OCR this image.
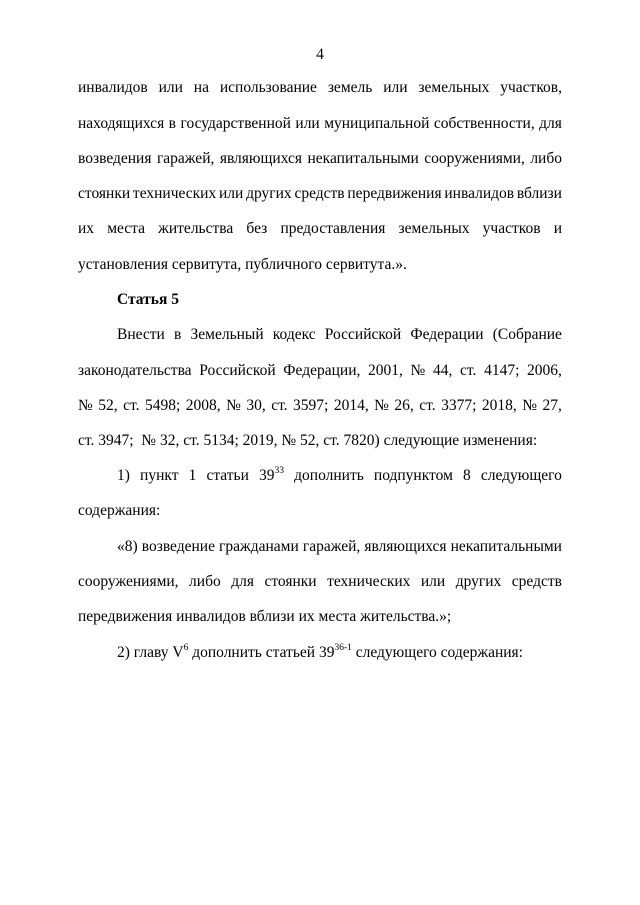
4
инвалидов или на использование земель или земельных участков,
находящихся в государственной или муниципальной собственности, для
возведения гаражей, являющихся некапитальными сооружениями, либо
стоянки технических или других средств передвижения инвалидов вблизи
их места жительства без предоставления земельных участков и
установления сервитута, публичного сервитута.».
Статья 5
Внести в Земельный кодекс Российской Федерации (Собрание
законодательства Российской Федерации, 2001, № 44, ст. 4147; 2006,
№ 52, ст. 5498; 2008, № 30, ст. 3597; 2014, № 26, ст. 3377; 2018, № 27,
ст. 3947;  № 32, ст. 5134; 2019, № 52, ст. 7820) следующие изменения:
1) пункт 1 статьи $39^{33}$ дополнить подпунктом 8 следующего
содержания:
«8) возведение гражданами гаражей, являющихся некапитальными
сооружениями, либо для стоянки технических или других средств
передвижения инвалидов вблизи их места жительства.»;
2) главу $V^6$ дополнить статьей 39$^{36-1}$ следующего содержания:
